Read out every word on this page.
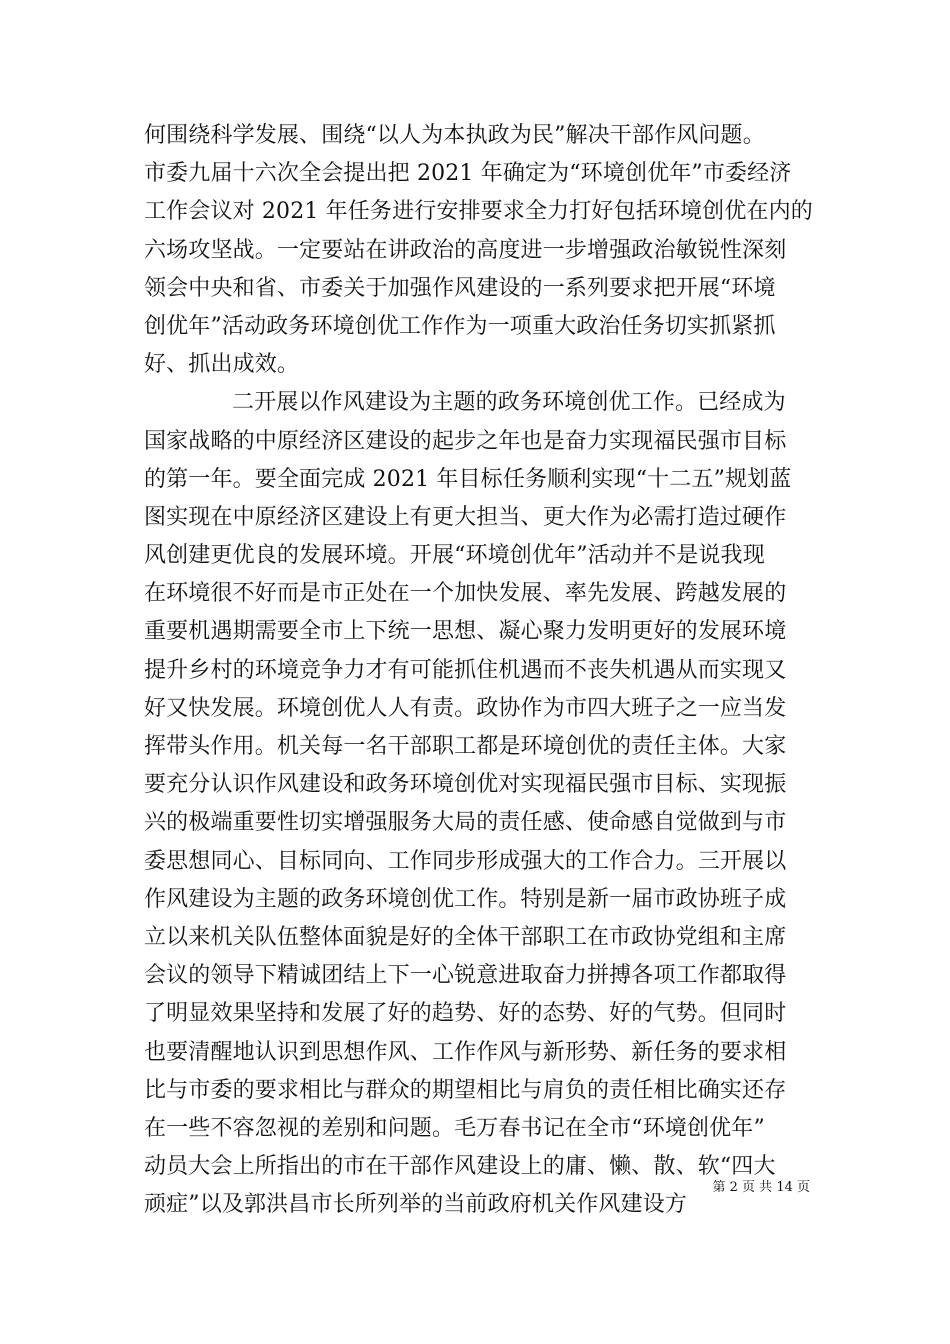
何围绕科学发展、围绕“以人为本执政为民”解决干部作风问题。
市委九届十六次全会提出把 2021 年确定为“环境创优年”市委经济
工作会议对 2021 年任务进行安排要求全力打好包括环境创优在内的
六场攻坚战。一定要站在讲政治的高度进一步增强政治敏锐性深刻
领会中央和省、市委关于加强作风建设的一系列要求把开展“环境
创优年”活动政务环境创优工作作为一项重大政治任务切实抓紧抓
好、抓出成效。
二开展以作风建设为主题的政务环境创优工作。已经成为
国家战略的中原经济区建设的起步之年也是奋力实现福民强市目标
的第一年。要全面完成 2021 年目标任务顺利实现“十二五”规划蓝
图实现在中原经济区建设上有更大担当、更大作为必需打造过硬作
风创建更优良的发展环境。开展“环境创优年”活动并不是说我现
在环境很不好而是市正处在一个加快发展、率先发展、跨越发展的
重要机遇期需要全市上下统一思想、凝心聚力发明更好的发展环境
提升乡村的环境竞争力才有可能抓住机遇而不丧失机遇从而实现又
好又快发展。环境创优人人有责。政协作为市四大班子之一应当发
挥带头作用。机关每一名干部职工都是环境创优的责任主体。大家
要充分认识作风建设和政务环境创优对实现福民强市目标、实现振
兴的极端重要性切实增强服务大局的责任感、使命感自觉做到与市
委思想同心、目标同向、工作同步形成强大的工作合力。三开展以
作风建设为主题的政务环境创优工作。特别是新一届市政协班子成
立以来机关队伍整体面貌是好的全体干部职工在市政协党组和主席
会议的领导下精诚团结上下一心锐意进取奋力拼搏各项工作都取得
了明显效果坚持和发展了好的趋势、好的态势、好的气势。但同时
也要清醒地认识到思想作风、工作作风与新形势、新任务的要求相
比与市委的要求相比与群众的期望相比与肩负的责任相比确实还存
在一些不容忽视的差别和问题。毛万春书记在全市“环境创优年”
动员大会上所指出的市在干部作风建设上的庸、懒、散、软“四大
顽症”以及郭洪昌市长所列举的当前政府机关作风建设方
第 2 页 共 14 页
